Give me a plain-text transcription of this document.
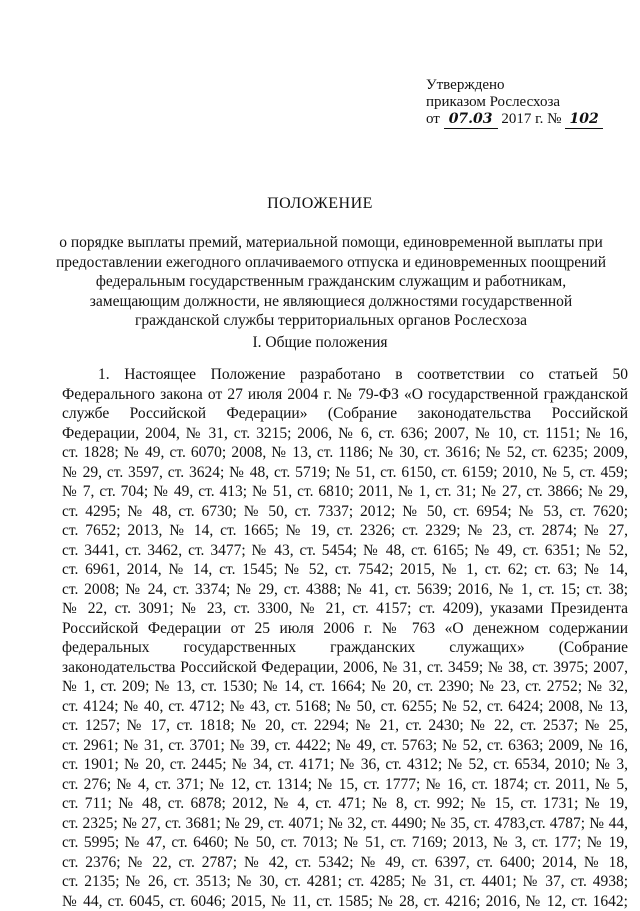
Утверждено
приказом Рослесхоза
от 07.03 2017 г. № 102
ПОЛОЖЕНИЕ
о порядке выплаты премий, материальной помощи, единовременной выплаты при
предоставлении ежегодного оплачиваемого отпуска и единовременных поощрений
федеральным государственным гражданским служащим и работникам,
замещающим должности, не являющиеся должностями государственной
гражданской службы территориальных органов Рослесхоза
I. Общие положения
1. Настоящее Положение разработано в соответствии со статьей 50
Федерального закона от 27 июля 2004 г. № 79-ФЗ «О государственной гражданской
службе Российской Федерации» (Собрание законодательства Российской
Федерации, 2004, № 31, ст. 3215; 2006, № 6, ст. 636; 2007, № 10, ст. 1151; № 16,
ст. 1828; № 49, ст. 6070; 2008, № 13, ст. 1186; № 30, ст. 3616; № 52, ст. 6235; 2009,
№ 29, ст. 3597, ст. 3624; № 48, ст. 5719; № 51, ст. 6150, ст. 6159; 2010, № 5, ст. 459;
№ 7, ст. 704; № 49, ст. 413; № 51, ст. 6810; 2011, № 1, ст. 31; № 27, ст. 3866; № 29,
ст. 4295; № 48, ст. 6730; № 50, ст. 7337; 2012; № 50, ст. 6954; № 53, ст. 7620;
ст. 7652; 2013, № 14, ст. 1665; № 19, ст. 2326; ст. 2329; № 23, ст. 2874; № 27,
ст. 3441, ст. 3462, ст. 3477; № 43, ст. 5454; № 48, ст. 6165; № 49, ст. 6351; № 52,
ст. 6961, 2014, № 14, ст. 1545; № 52, ст. 7542; 2015, № 1, ст. 62; ст. 63; № 14,
ст. 2008; № 24, ст. 3374; № 29, ст. 4388; № 41, ст. 5639; 2016, № 1, ст. 15; ст. 38;
№ 22, ст. 3091; № 23, ст. 3300, № 21, ст. 4157; ст. 4209), указами Президента
Российской Федерации от 25 июля 2006 г. № 763 «О денежном содержании
федеральных государственных гражданских служащих» (Собрание
законодательства Российской Федерации, 2006, № 31, ст. 3459; № 38, ст. 3975; 2007,
№ 1, ст. 209; № 13, ст. 1530; № 14, ст. 1664; № 20, ст. 2390; № 23, ст. 2752; № 32,
ст. 4124; № 40, ст. 4712; № 43, ст. 5168; № 50, ст. 6255; № 52, ст. 6424; 2008, № 13,
ст. 1257; № 17, ст. 1818; № 20, ст. 2294; № 21, ст. 2430; № 22, ст. 2537; № 25,
ст. 2961; № 31, ст. 3701; № 39, ст. 4422; № 49, ст. 5763; № 52, ст. 6363; 2009, № 16,
ст. 1901; № 20, ст. 2445; № 34, ст. 4171; № 36, ст. 4312; № 52, ст. 6534, 2010; № 3,
ст. 276; № 4, ст. 371; № 12, ст. 1314; № 15, ст. 1777; № 16, ст. 1874; ст. 2011, № 5,
ст. 711; № 48, ст. 6878; 2012, № 4, ст. 471; № 8, ст. 992; № 15, ст. 1731; № 19,
ст. 2325; № 27, ст. 3681; № 29, ст. 4071; № 32, ст. 4490; № 35, ст. 4783,ст. 4787; № 44,
ст. 5995; № 47, ст. 6460; № 50, ст. 7013; № 51, ст. 7169; 2013, № 3, ст. 177; № 19,
ст. 2376; № 22, ст. 2787; № 42, ст. 5342; № 49, ст. 6397, ст. 6400; 2014, № 18,
ст. 2135; № 26, ст. 3513; № 30, ст. 4281; ст. 4285; № 31, ст. 4401; № 37, ст. 4938;
№ 44, ст. 6045, ст. 6046; 2015, № 11, ст. 1585; № 28, ст. 4216; 2016, № 12, ст. 1642;
